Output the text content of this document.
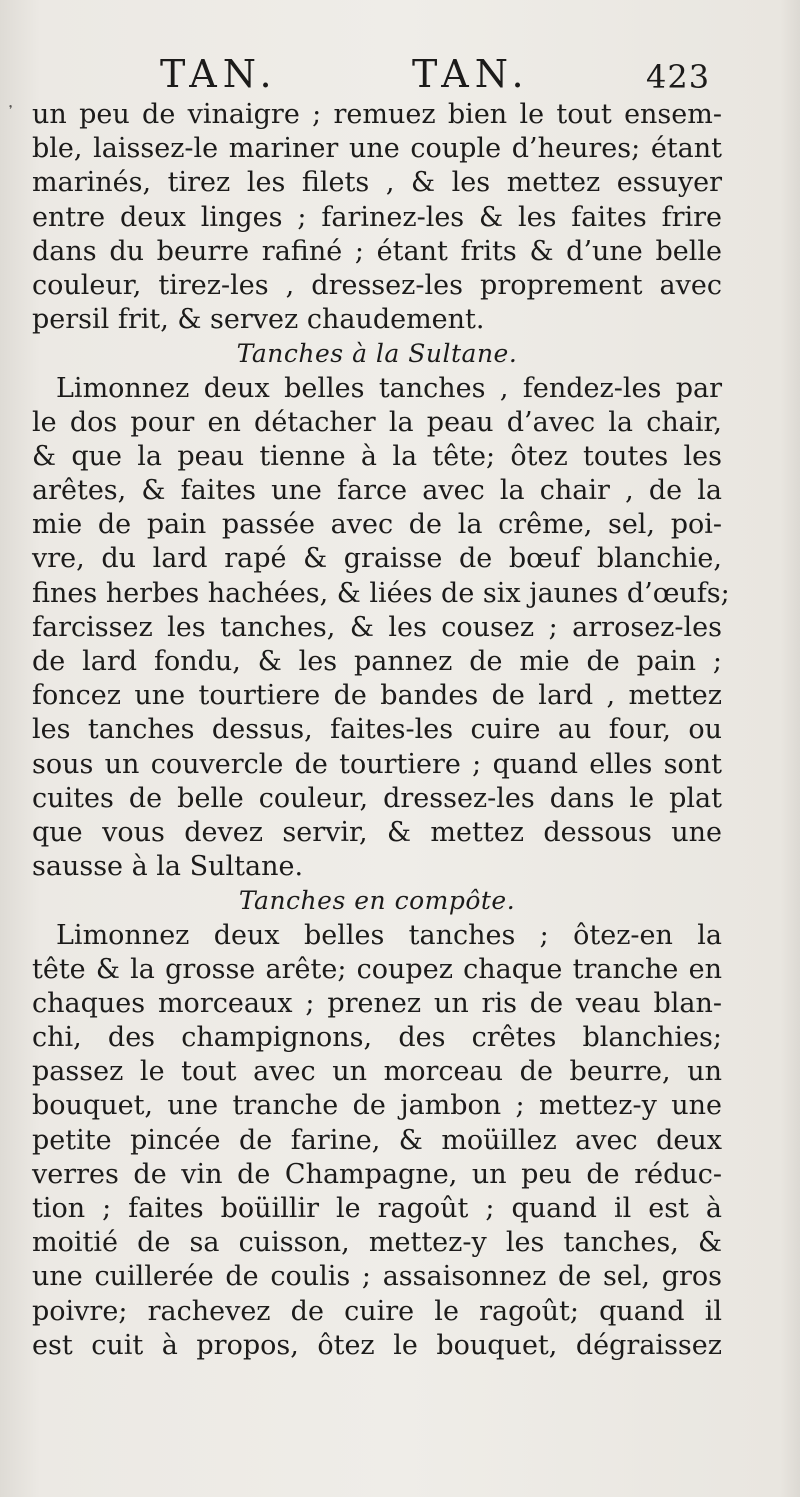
TAN.	TAN.	423
᾽ un peu de vinaigre ; remuez bien le tout ensem-
ble, laissez-le mariner une couple d’heures; étant
marinés, tirez les filets , & les mettez essuyer
entre deux linges ; farinez-les & les faites frire
dans du beurre rafiné ; étant frits & d’une belle
couleur, tirez-les , dressez-les proprement avec
persil frit, & servez chaudement.
Tanches à la Sultane.
Limonnez deux belles tanches , fendez-les par
le dos pour en détacher la peau d’avec la chair,
& que la peau tienne à la tête; ôtez toutes les
arêtes, & faites une farce avec la chair , de la
mie de pain passée avec de la crême, sel, poi-
vre, du lard rapé & graisse de bœuf blanchie,
fines herbes hachées, & liées de six jaunes d’œufs;
farcissez les tanches, & les cousez ; arrosez-les
de lard fondu, & les pannez de mie de pain ;
foncez une tourtiere de bandes de lard , mettez
les tanches dessus, faites-les cuire au four, ou
sous un couvercle de tourtiere ; quand elles sont
cuites de belle couleur, dressez-les dans le plat
que vous devez servir, & mettez dessous une
sausse à la Sultane.
Tanches en compôte.
Limonnez deux belles tanches ; ôtez-en la
tête & la grosse arête; coupez chaque tranche en
chaques morceaux ; prenez un ris de veau blan-
chi, des champignons, des crêtes blanchies;
passez le tout avec un morceau de beurre, un
bouquet, une tranche de jambon ; mettez-y une
petite pincée de farine, & moüillez avec deux
verres de vin de Champagne, un peu de réduc-
tion ; faites boüillir le ragoût ; quand il est à
moitié de sa cuisson, mettez-y les tanches, &
une cuillerée de coulis ; assaisonnez de sel, gros
poivre; rachevez de cuire le ragoût; quand il
est cuit à propos, ôtez le bouquet, dégraissez
